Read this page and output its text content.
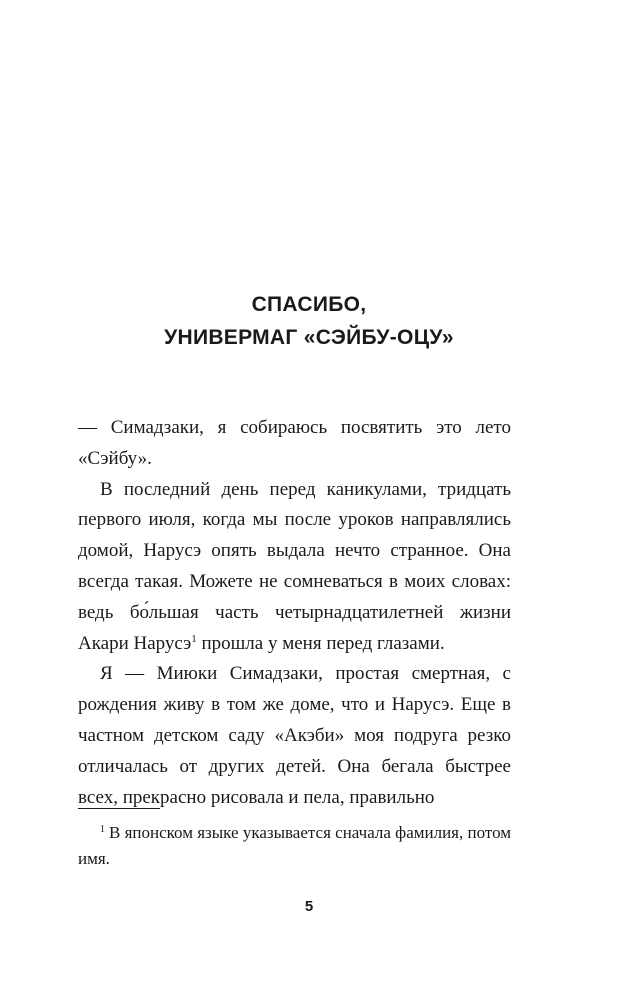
СПАСИБО,
УНИВЕРМАГ «СЭЙБУ-ОЦУ»

— Симадзаки, я собираюсь посвятить это лето «Сэйбу».

В последний день перед каникулами, тридцать первого июля, когда мы после уроков направлялись домой, Нарусэ опять выдала нечто странное. Она всегда такая. Можете не сомневаться в моих словах: ведь бо́льшая часть четырнадцатилетней жизни Акари Нарусэ$^1$ прошла у меня перед глазами.

Я — Миюки Симадзаки, простая смертная, с рождения живу в том же доме, что и Нарусэ. Еще в частном детском саду «Акэби» моя подруга резко отличалась от других детей. Она бегала быстрее всех, прекрасно рисовала и пела, правильно

$^1$ В японском языке указывается сначала фамилия, потом имя.

5
